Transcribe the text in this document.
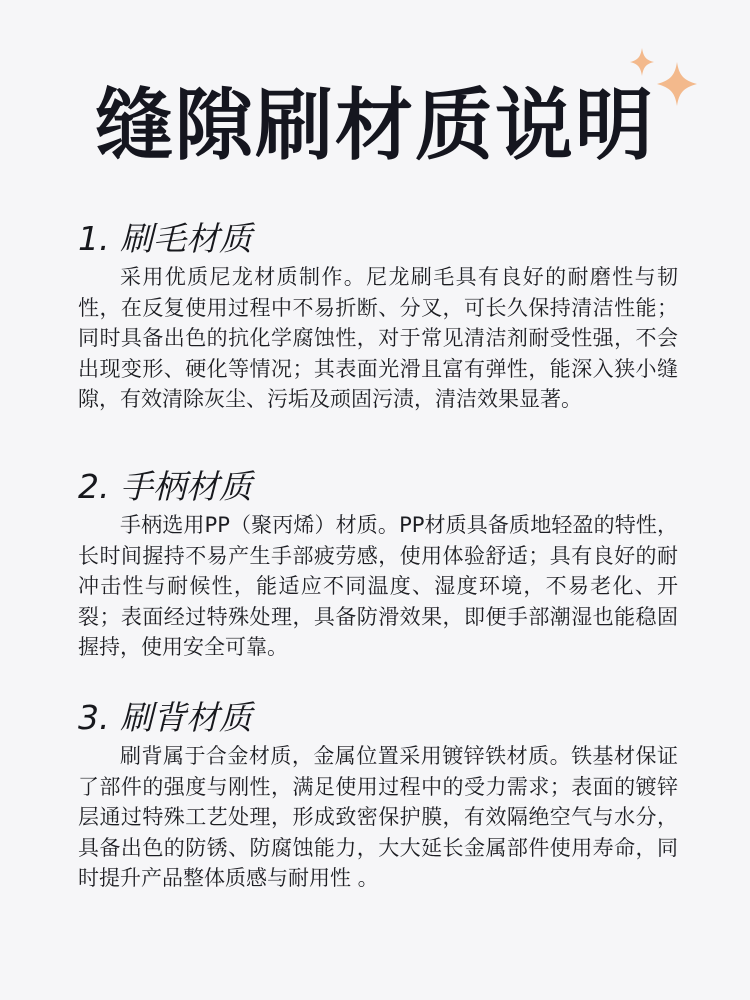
缝隙刷材质说明
1. 刷毛材质

采用优质尼龙材质制作。尼龙刷毛具有良好的耐磨性与韧性，在反复使用过程中不易折断、分叉，可长久保持清洁性能；同时具备出色的抗化学腐蚀性，对于常见清洁剂耐受性强，不会出现变形、硬化等情况；其表面光滑且富有弹性，能深入狭小缝隙，有效清除灰尘、污垢及顽固污渍，清洁效果显著。

2. 手柄材质

手柄选用PP（聚丙烯）材质。PP材质具备质地轻盈的特性，长时间握持不易产生手部疲劳感，使用体验舒适；具有良好的耐冲击性与耐候性，能适应不同温度、湿度环境，不易老化、开裂；表面经过特殊处理，具备防滑效果，即便手部潮湿也能稳固握持，使用安全可靠。

3. 刷背材质

刷背属于合金材质，金属位置采用镀锌铁材质。铁基材保证了部件的强度与刚性，满足使用过程中的受力需求；表面的镀锌层通过特殊工艺处理，形成致密保护膜，有效隔绝空气与水分，具备出色的防锈、防腐蚀能力，大大延长金属部件使用寿命，同时提升产品整体质感与耐用性 。
